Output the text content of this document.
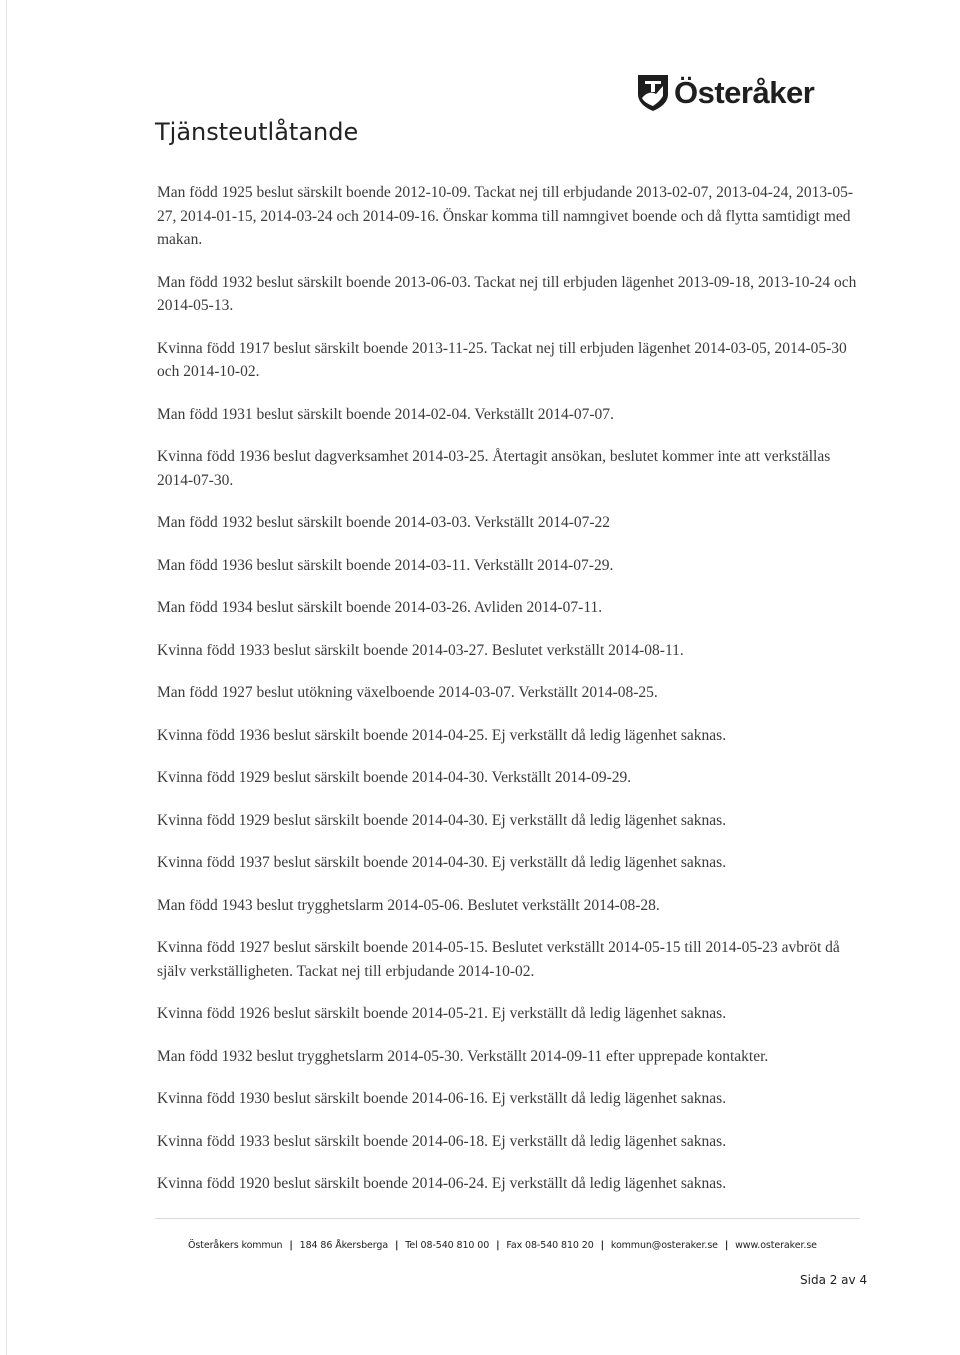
Österåker
Tjänsteutlåtande

Man född 1925 beslut särskilt boende 2012-10-09. Tackat nej till erbjudande 2013-02-07, 2013-04-24, 2013-05-27, 2014-01-15, 2014-03-24 och 2014-09-16. Önskar komma till namngivet boende och då flytta samtidigt med makan.

Man född 1932 beslut särskilt boende 2013-06-03. Tackat nej till erbjuden lägenhet 2013-09-18, 2013-10-24 och 2014-05-13.

Kvinna född 1917 beslut särskilt boende 2013-11-25. Tackat nej till erbjuden lägenhet 2014-03-05, 2014-05-30 och 2014-10-02.

Man född 1931 beslut särskilt boende 2014-02-04. Verkställt 2014-07-07.

Kvinna född 1936 beslut dagverksamhet 2014-03-25. Återtagit ansökan, beslutet kommer inte att verkställas 2014-07-30.

Man född 1932 beslut särskilt boende 2014-03-03. Verkställt 2014-07-22

Man född 1936 beslut särskilt boende 2014-03-11. Verkställt 2014-07-29.

Man född 1934 beslut särskilt boende 2014-03-26. Avliden 2014-07-11.

Kvinna född 1933 beslut särskilt boende 2014-03-27. Beslutet verkställt 2014-08-11.

Man född 1927 beslut utökning växelboende 2014-03-07. Verkställt 2014-08-25.

Kvinna född 1936 beslut särskilt boende 2014-04-25. Ej verkställt då ledig lägenhet saknas.

Kvinna född 1929 beslut särskilt boende 2014-04-30. Verkställt 2014-09-29.

Kvinna född 1929 beslut särskilt boende 2014-04-30. Ej verkställt då ledig lägenhet saknas.

Kvinna född 1937 beslut särskilt boende 2014-04-30. Ej verkställt då ledig lägenhet saknas.

Man född 1943 beslut trygghetslarm 2014-05-06. Beslutet verkställt 2014-08-28.

Kvinna född 1927 beslut särskilt boende 2014-05-15. Beslutet verkställt 2014-05-15 till 2014-05-23 avbröt då själv verkställigheten. Tackat nej till erbjudande 2014-10-02.

Kvinna född 1926 beslut särskilt boende 2014-05-21. Ej verkställt då ledig lägenhet saknas.

Man född 1932 beslut trygghetslarm 2014-05-30. Verkställt 2014-09-11 efter upprepade kontakter.

Kvinna född 1930 beslut särskilt boende 2014-06-16. Ej verkställt då ledig lägenhet saknas.

Kvinna född 1933 beslut särskilt boende 2014-06-18. Ej verkställt då ledig lägenhet saknas.

Kvinna född 1920 beslut särskilt boende 2014-06-24. Ej verkställt då ledig lägenhet saknas.

Österåkers kommun | 184 86 Åkersberga | Tel 08-540 810 00 | Fax 08-540 810 20 | kommun@osteraker.se | www.osteraker.se
Sida 2 av 4
